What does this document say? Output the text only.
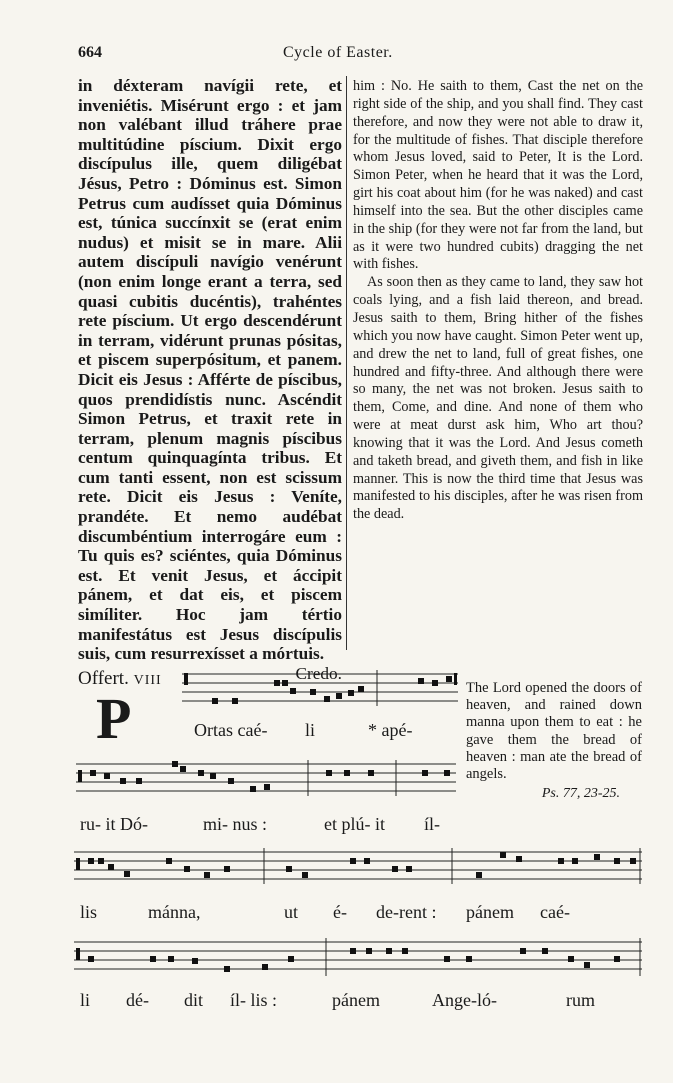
664	Cycle of Easter.

in déxteram navígii rete, et inveniétis. Misérunt ergo : et jam non valébant illud tráhere prae multitúdine píscium. Dixit ergo discípulus ille, quem diligébat Jésus, Petro : Dóminus est. Simon Petrus cum audísset quia Dóminus est, túnica succínxit se (erat enim nudus) et misit se in mare. Alii autem discípuli navígio venérunt (non enim longe erant a terra, sed quasi cubitis ducéntis), trahéntes rete píscium. Ut ergo descendérunt in terram, vidérunt prunas pósitas, et piscem superpósitum, et panem. Dicit eis Jesus : Afférte de píscibus, quos prendidístis nunc. Ascéndit Simon Petrus, et traxit rete in terram, plenum magnis píscibus centum quinquagínta tribus. Et cum tanti essent, non est scissum rete. Dicit eis Jesus : Veníte, prandéte. Et nemo audébat discumbéntium interrogáre eum : Tu quis es? sciéntes, quia Dóminus est. Et venit Jesus, et áccipit pánem, et dat eis, et piscem simíliter. Hoc jam tértio manifestátus est Jesus discípulis suis, cum resurrexísset a mórtuis.

Credo.

him : No. He saith to them, Cast the net on the right side of the ship, and you shall find. They cast therefore, and now they were not able to draw it, for the multitude of fishes. That disciple therefore whom Jesus loved, said to Peter, It is the Lord. Simon Peter, when he heard that it was the Lord, girt his coat about him (for he was naked) and cast himself into the sea. But the other disciples came in the ship (for they were not far from the land, but as it were two hundred cubits) dragging the net with fishes.

As soon then as they came to land, they saw hot coals lying, and a fish laid thereon, and bread. Jesus saith to them, Bring hither of the fishes which you now have caught. Simon Peter went up, and drew the net to land, full of great fishes, one hundred and fifty-three. And although there were so many, the net was not broken. Jesus saith to them, Come, and dine. And none of them who were at meat durst ask him, Who art thou? knowing that it was the Lord. And Jesus cometh and taketh bread, and giveth them, and fish in like manner. This is now the third time that Jesus was manifested to his disciples, after he was risen from the dead.

Offert. VIII
P	Ortas caé- li	* apé-
ru- it Dó-	mi- nus :	et plú- it íl-
The Lord opened the doors of heaven, and rained down manna upon them to eat : he gave them the bread of heaven : man ate the bread of angels.
Ps. 77, 23-25.
lis	mánna,	ut é- de-rent : pánem caé-
li dé- dit íl- lis :	pánem	Ange-ló-	rum
